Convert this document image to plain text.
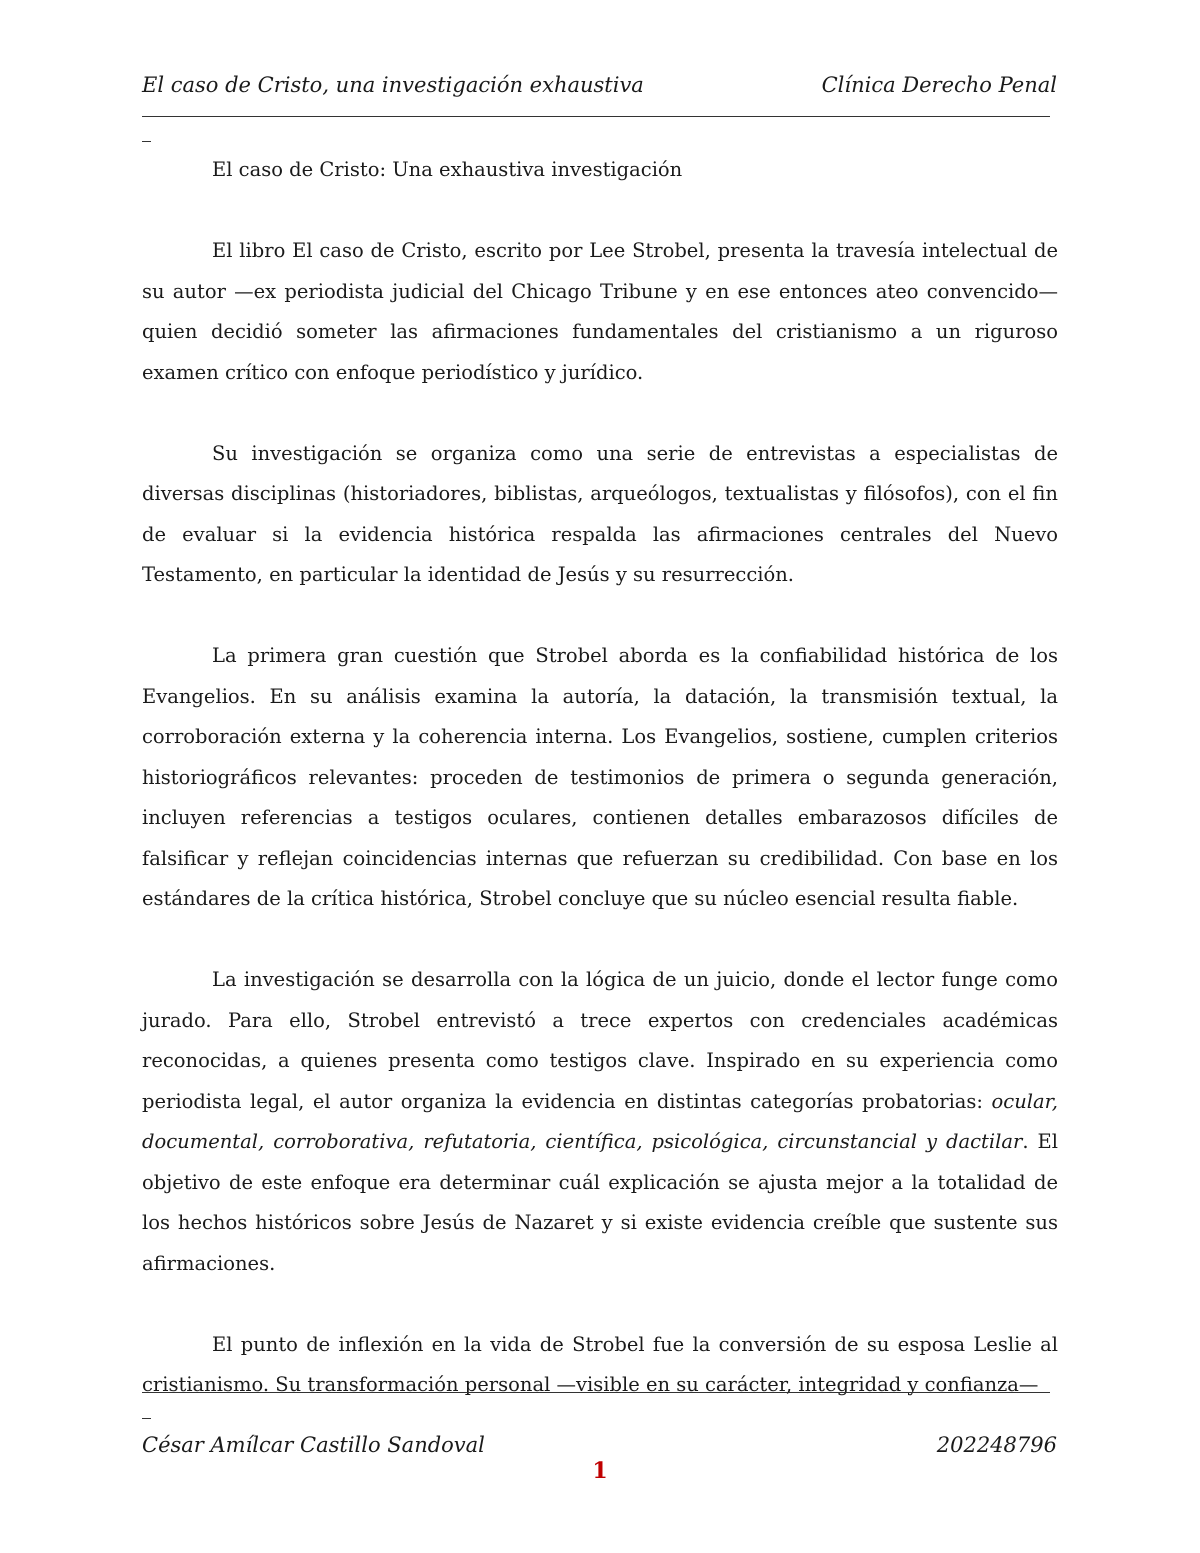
El caso de Cristo, una investigación exhaustiva	Clínica Derecho Penal

El caso de Cristo: Una exhaustiva investigación

El libro El caso de Cristo, escrito por Lee Strobel, presenta la travesía intelectual de su autor —ex periodista judicial del Chicago Tribune y en ese entonces ateo convencido— quien decidió someter las afirmaciones fundamentales del cristianismo a un riguroso examen crítico con enfoque periodístico y jurídico.

Su investigación se organiza como una serie de entrevistas a especialistas de diversas disciplinas (historiadores, biblistas, arqueólogos, textualistas y filósofos), con el fin de evaluar si la evidencia histórica respalda las afirmaciones centrales del Nuevo Testamento, en particular la identidad de Jesús y su resurrección.

La primera gran cuestión que Strobel aborda es la confiabilidad histórica de los Evangelios. En su análisis examina la autoría, la datación, la transmisión textual, la corroboración externa y la coherencia interna. Los Evangelios, sostiene, cumplen criterios historiográficos relevantes: proceden de testimonios de primera o segunda generación, incluyen referencias a testigos oculares, contienen detalles embarazosos difíciles de falsificar y reflejan coincidencias internas que refuerzan su credibilidad. Con base en los estándares de la crítica histórica, Strobel concluye que su núcleo esencial resulta fiable.

La investigación se desarrolla con la lógica de un juicio, donde el lector funge como jurado. Para ello, Strobel entrevistó a trece expertos con credenciales académicas reconocidas, a quienes presenta como testigos clave. Inspirado en su experiencia como periodista legal, el autor organiza la evidencia en distintas categorías probatorias: ocular, documental, corroborativa, refutatoria, científica, psicológica, circunstancial y dactilar. El objetivo de este enfoque era determinar cuál explicación se ajusta mejor a la totalidad de los hechos históricos sobre Jesús de Nazaret y si existe evidencia creíble que sustente sus afirmaciones.

El punto de inflexión en la vida de Strobel fue la conversión de su esposa Leslie al cristianismo. Su transformación personal —visible en su carácter, integridad y confianza—

César Amílcar Castillo Sandoval	202248796
1
